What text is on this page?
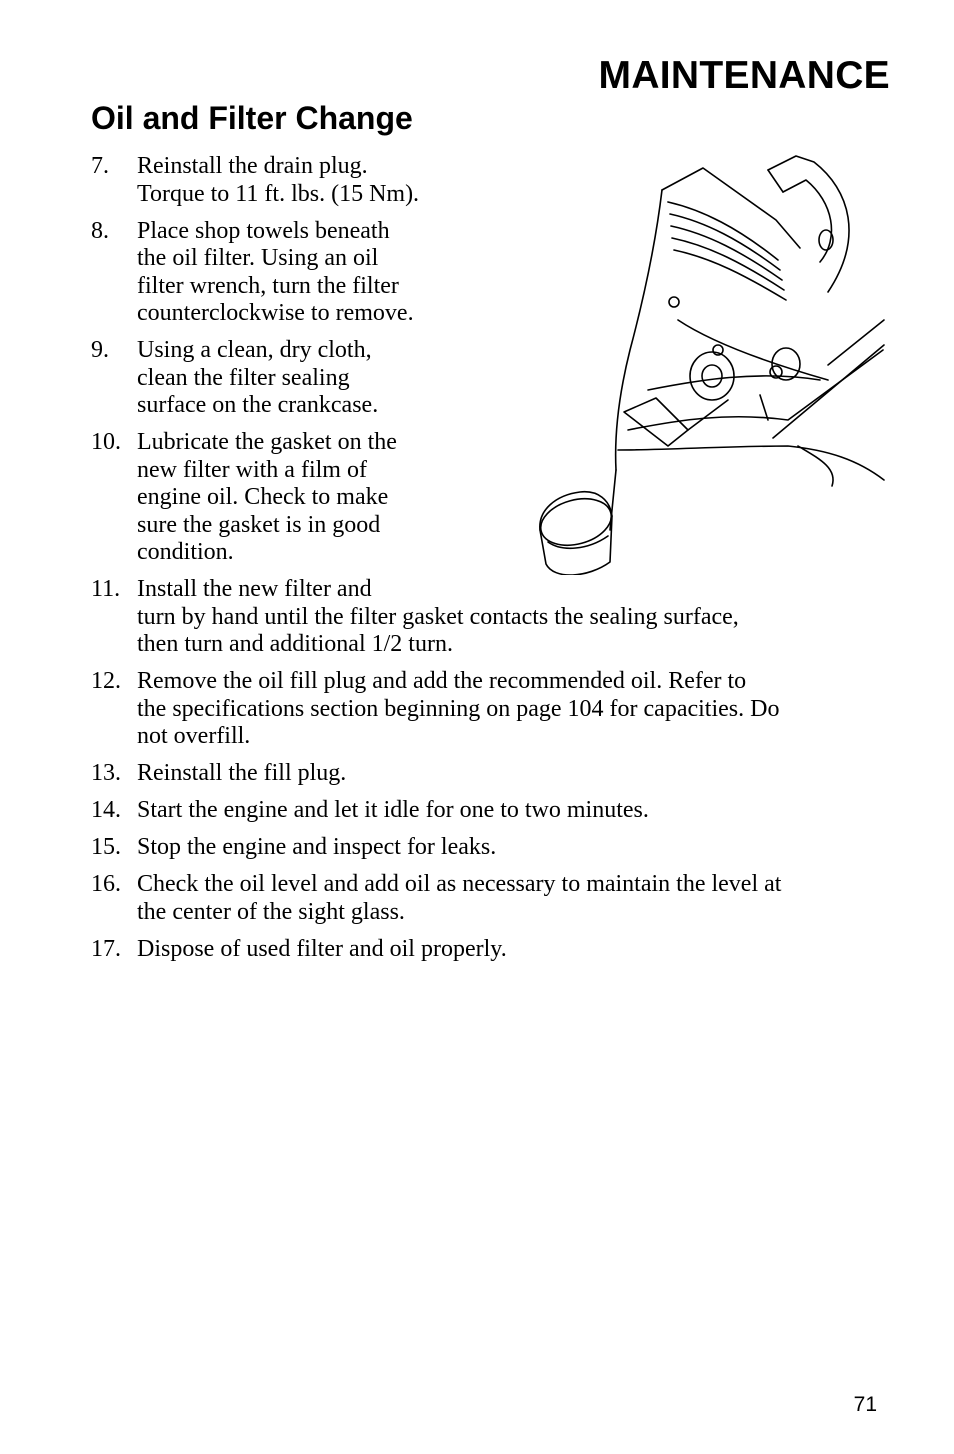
MAINTENANCE
Oil and Filter Change
7.	Reinstall the drain plug.
Torque to 11 ft. lbs. (15 Nm).
8.	Place shop towels beneath
the oil filter. Using an oil
filter wrench, turn the filter
counterclockwise to remove.
9.	Using a clean, dry cloth,
clean the filter sealing
surface on the crankcase.
10. Lubricate the gasket on the
new filter with a film of
engine oil. Check to make
sure the gasket is in good
condition.
11. Install the new filter and
turn by hand until the filter gasket contacts the sealing surface,
then turn and additional 1/2 turn.
12. Remove the oil fill plug and add the recommended oil. Refer to
the specifications section beginning on page 104 for capacities. Do
not overfill.
13. Reinstall the fill plug.
14. Start the engine and let it idle for one to two minutes.
15. Stop the engine and inspect for leaks.
16. Check the oil level and add oil as necessary to maintain the level at
the center of the sight glass.
17. Dispose of used filter and oil properly.
71
